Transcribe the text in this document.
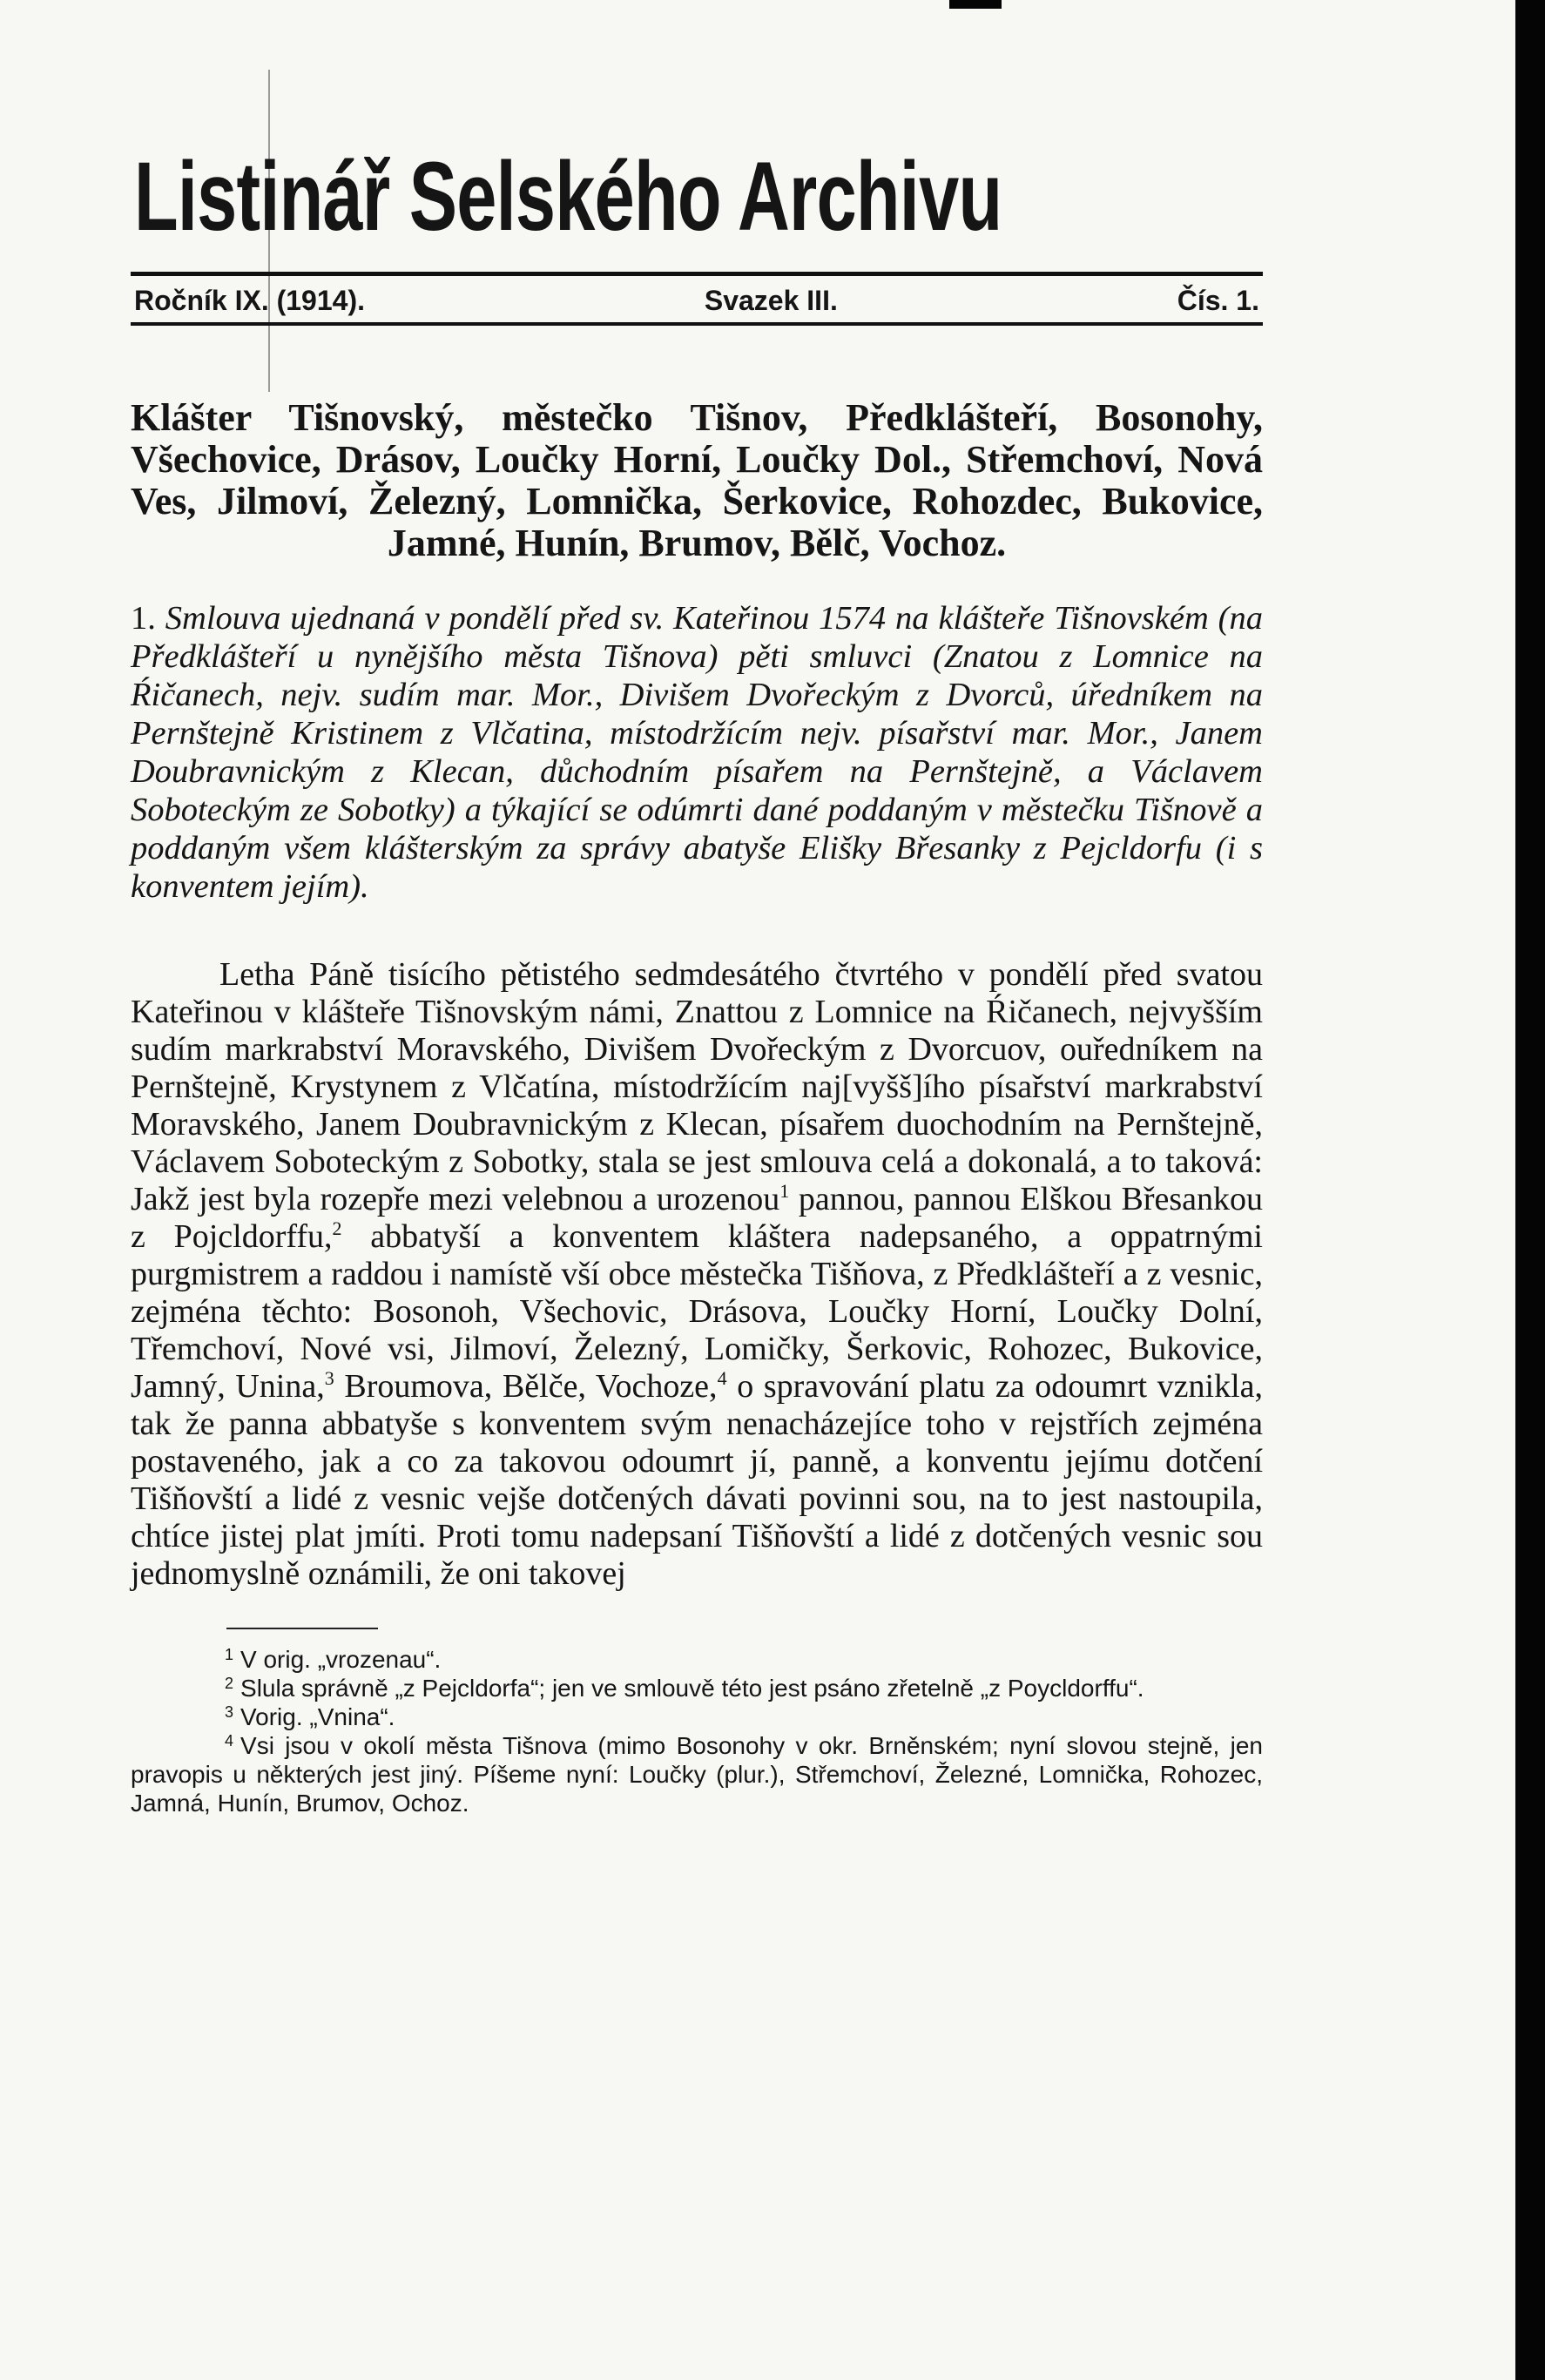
Listinář Selského Archivu
Ročník IX. (1914).	Svazek III.	Čís. 1.
Klášter Tišnovský, městečko Tišnov, Předklášteří, Bosonohy, Všechovice, Drásov, Loučky Horní, Loučky Dol., Střemchoví, Nová Ves, Jilmoví, Železný, Lomnička, Šerkovice, Rohozdec, Bukovice, Jamné, Hunín, Brumov, Bělč, Vochoz.
1. Smlouva ujednaná v pondělí před sv. Kateřinou 1574 na klášteře Tišnovském (na Předklášteří u nynějšího města Tišnova) pěti smluvci (Znatou z Lomnice na Ŕičanech, nejv. sudím mar. Mor., Divišem Dvořeckým z Dvorců, úředníkem na Pernštejně Kristinem z Vlčatina, místodržícím nejv. písařství mar. Mor., Janem Doubravnickým z Klecan, důchodním písařem na Pernštejně, a Václavem Soboteckým ze Sobotky) a týkající se odúmrti dané poddaným v městečku Tišnově a poddaným všem klášterským za správy abatyše Elišky Břesanky z Pejcldorfu (i s konventem jejím).

Letha Páně tisícího pětistého sedmdesátého čtvrtého v pondělí před svatou Kateřinou v klášteře Tišnovským námi, Znattou z Lomnice na Ŕičanech, nejvyšším sudím markrabství Moravského, Divišem Dvořeckým z Dvorcuov, ouředníkem na Pernštejně, Krystynem z Vlčatína, místodržícím naj[vyšš]ího písařství markrabství Moravského, Janem Doubravnickým z Klecan, písařem duochodním na Pernštejně, Václavem Soboteckým z Sobotky, stala se jest smlouva celá a dokonalá, a to taková: Jakž jest byla rozepře mezi velebnou a urozenou$^1$ pannou, pannou Elškou Břesankou z Pojcldorffu,$^2$ abbatyší a konventem kláštera nadepsaného, a oppatrnými purgmistrem a raddou i namístě vší obce městečka Tišňova, z Předklášteří a z vesnic, zejména těchto: Bosonoh, Všechovic, Drásova, Loučky Horní, Loučky Dolní, Třemchoví, Nové vsi, Jilmoví, Železný, Lomičky, Šerkovic, Rohozec, Bukovice, Jamný, Unina,$^3$ Broumova, Bělče, Vochoze,$^4$ o spravování platu za odoumrt vznikla, tak že panna abbatyše s konventem svým nenacházejíce toho v rejstřích zejména postaveného, jak a co za takovou odoumrt jí, panně, a konventu jejímu dotčení Tišňovští a lidé z vesnic vejše dotčených dávati povinni sou, na to jest nastoupila, chtíce jistej plat jmíti. Proti tomu nadepsaní Tišňovští a lidé z dotčených vesnic sou jednomyslně oznámili, že oni takovej

$^1$ V orig. „vrozenau“.
$^2$ Slula správně „z Pejcldorfa“; jen ve smlouvě této jest psáno zřetelně „z Poycldorffu“.
$^3$ Vorig. „Vnina“.
$^4$ Vsi jsou v okolí města Tišnova (mimo Bosonohy v okr. Brněnském; nyní slovou stejně, jen pravopis u některých jest jiný. Píšeme nyní: Loučky (plur.), Střemchoví, Železné, Lomnička, Rohozec, Jamná, Hunín, Brumov, Ochoz.
